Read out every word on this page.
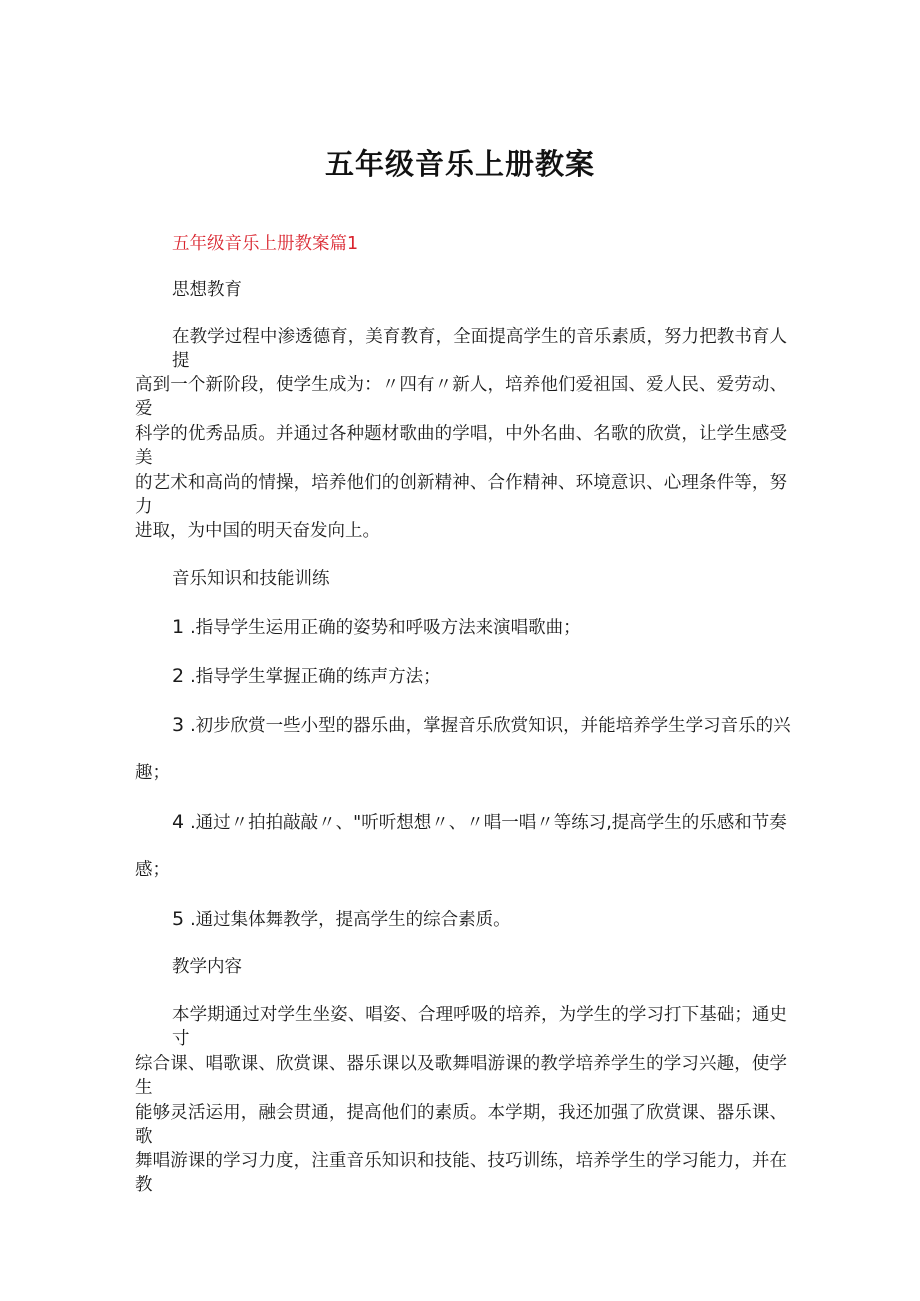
五年级音乐上册教案
五年级音乐上册教案篇1
思想教育
在教学过程中渗透德育，美育教育，全面提高学生的音乐素质，努力把教书育人提
高到一个新阶段，使学生成为：〃四有〃新人，培养他们爱祖国、爱人民、爱劳动、爱
科学的优秀品质。并通过各种题材歌曲的学唱，中外名曲、名歌的欣赏，让学生感受美
的艺术和高尚的情操，培养他们的创新精神、合作精神、环境意识、心理条件等，努力
进取，为中国的明天奋发向上。
音乐知识和技能训练
1 .指导学生运用正确的姿势和呼吸方法来演唱歌曲；
2 .指导学生掌握正确的练声方法；
3 .初步欣赏一些小型的器乐曲，掌握音乐欣赏知识，并能培养学生学习音乐的兴
趣；
4 .通过〃拍拍敲敲〃、"听听想想〃、〃唱一唱〃等练习,提高学生的乐感和节奏
感；
5 .通过集体舞教学，提高学生的综合素质。
教学内容
本学期通过对学生坐姿、唱姿、合理呼吸的培养，为学生的学习打下基础；通史寸
综合课、唱歌课、欣赏课、器乐课以及歌舞唱游课的教学培养学生的学习兴趣，使学生
能够灵活运用，融会贯通，提高他们的素质。本学期，我还加强了欣赏课、器乐课、歌
舞唱游课的学习力度，注重音乐知识和技能、技巧训练，培养学生的学习能力，并在教
